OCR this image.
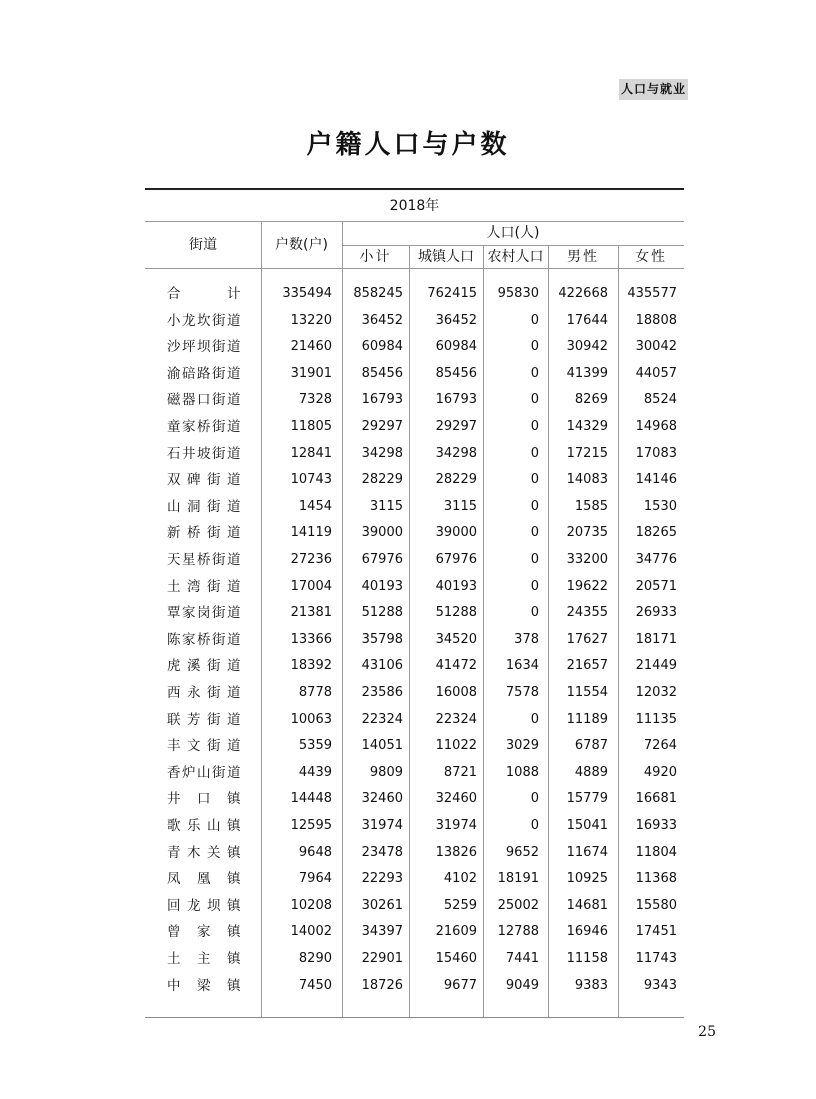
人口与就业
户籍人口与户数
2018年
街道	户数(户)
人口(人)
小计	城镇人口 农村人口	男性	女性
合　　计	335494 858245 762415 95830 422668 435577
小龙坎街道	13220 36452	36452	0 17644 18808
沙坪坝街道	21460 60984	60984	0 30942 30042
渝碚路街道	31901 85456	85456	0 41399 44057
磁器口街道	7328 16793	16793	0	8269	8524
童家桥街道	11805 29297	29297	0 14329 14968
石井坡街道	12841 34298	34298	0 17215 17083
双碑街道	10743 28229	28229	0 14083 14146
山洞街道	1454	3115	3115	0	1585	1530
新桥街道	14119 39000	39000	0 20735 18265
天星桥街道	27236 67976	67976	0 33200 34776
土湾街道	17004 40193	40193	0 19622 20571
覃家岗街道	21381 51288	51288	0 24355 26933
陈家桥街道	13366 35798	34520	378 17627 18171
虎溪街道	18392 43106	41472 1634 21657 21449
西永街道	8778 23586	16008 7578 11554 12032
联芳街道	10063 22324	22324	0 11189 11135
丰文街道	5359 14051	11022 3029	6787	7264
香炉山街道	4439	9809	8721 1088	4889	4920
井口镇	14448 32460	32460	0 15779 16681
歌乐山镇	12595 31974	31974	0 15041 16933
青木关镇	9648 23478	13826 9652 11674 11804
凤凰镇	7964 22293	4102 18191 10925 11368
回龙坝镇	10208 30261	5259 25002 14681 15580
曾家镇	14002 34397	21609 12788 16946 17451
土主镇	8290 22901	15460 7441 11158 11743
中梁镇	7450 18726	9677 9049	9383	9343
25
